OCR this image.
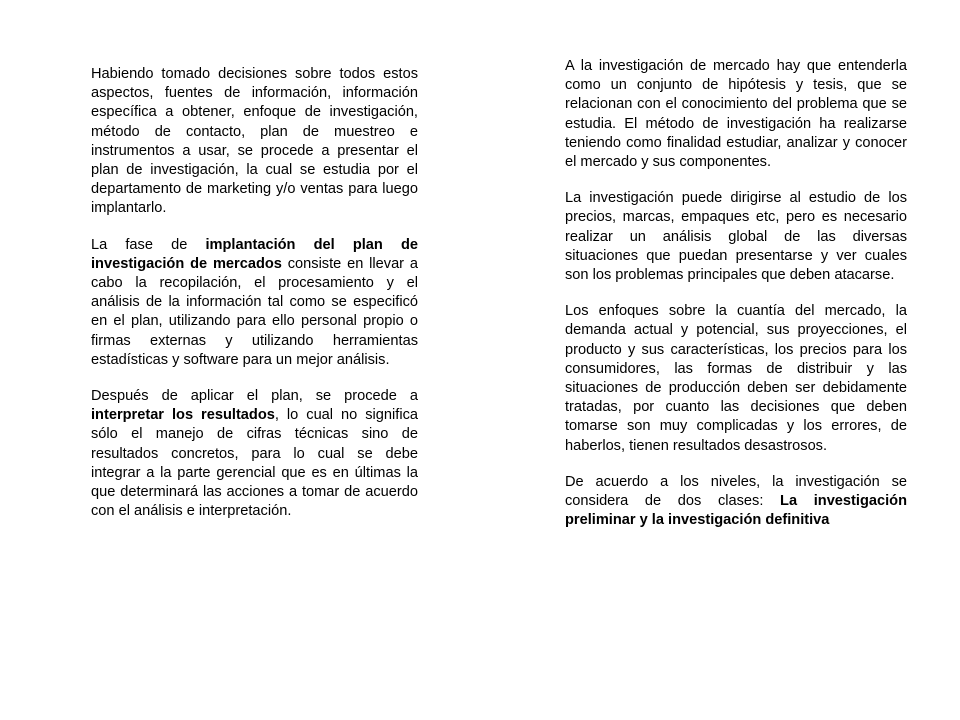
Habiendo tomado decisiones sobre todos estos aspectos, fuentes de información, información específica a obtener, enfoque de investigación, método de contacto, plan de muestreo e instrumentos a usar, se procede a presentar el plan de investigación, la cual se estudia por el departamento de marketing y/o ventas para luego implantarlo.

La fase de implantación del plan de investigación de mercados consiste en llevar a cabo la recopilación, el procesamiento y el análisis de la información tal como se especificó en el plan, utilizando para ello personal propio o firmas externas y utilizando herramientas estadísticas y software para un mejor análisis.

Después de aplicar el plan, se procede a interpretar los resultados, lo cual no significa sólo el manejo de cifras técnicas sino de resultados concretos, para lo cual se debe integrar a la parte gerencial que es en últimas la que determinará las acciones a tomar de acuerdo con el análisis e interpretación.

A la investigación de mercado hay que entenderla como un conjunto de hipótesis y tesis, que se relacionan con el conocimiento del problema que se estudia. El método de investigación ha realizarse teniendo como finalidad estudiar, analizar y conocer el mercado y sus componentes.

La investigación puede dirigirse al estudio de los precios, marcas, empaques etc, pero es necesario realizar un análisis global de las diversas situaciones que puedan presentarse y ver cuales son los problemas principales que deben atacarse.

Los enfoques sobre la cuantía del mercado, la demanda actual y potencial, sus proyecciones, el producto y sus características, los precios para los consumidores, las formas de distribuir y las situaciones de producción deben ser debidamente tratadas, por cuanto las decisiones que deben tomarse son muy complicadas y los errores, de haberlos, tienen resultados desastrosos.

De acuerdo a los niveles, la investigación se considera de dos clases: La investigación preliminar y la investigación definitiva
